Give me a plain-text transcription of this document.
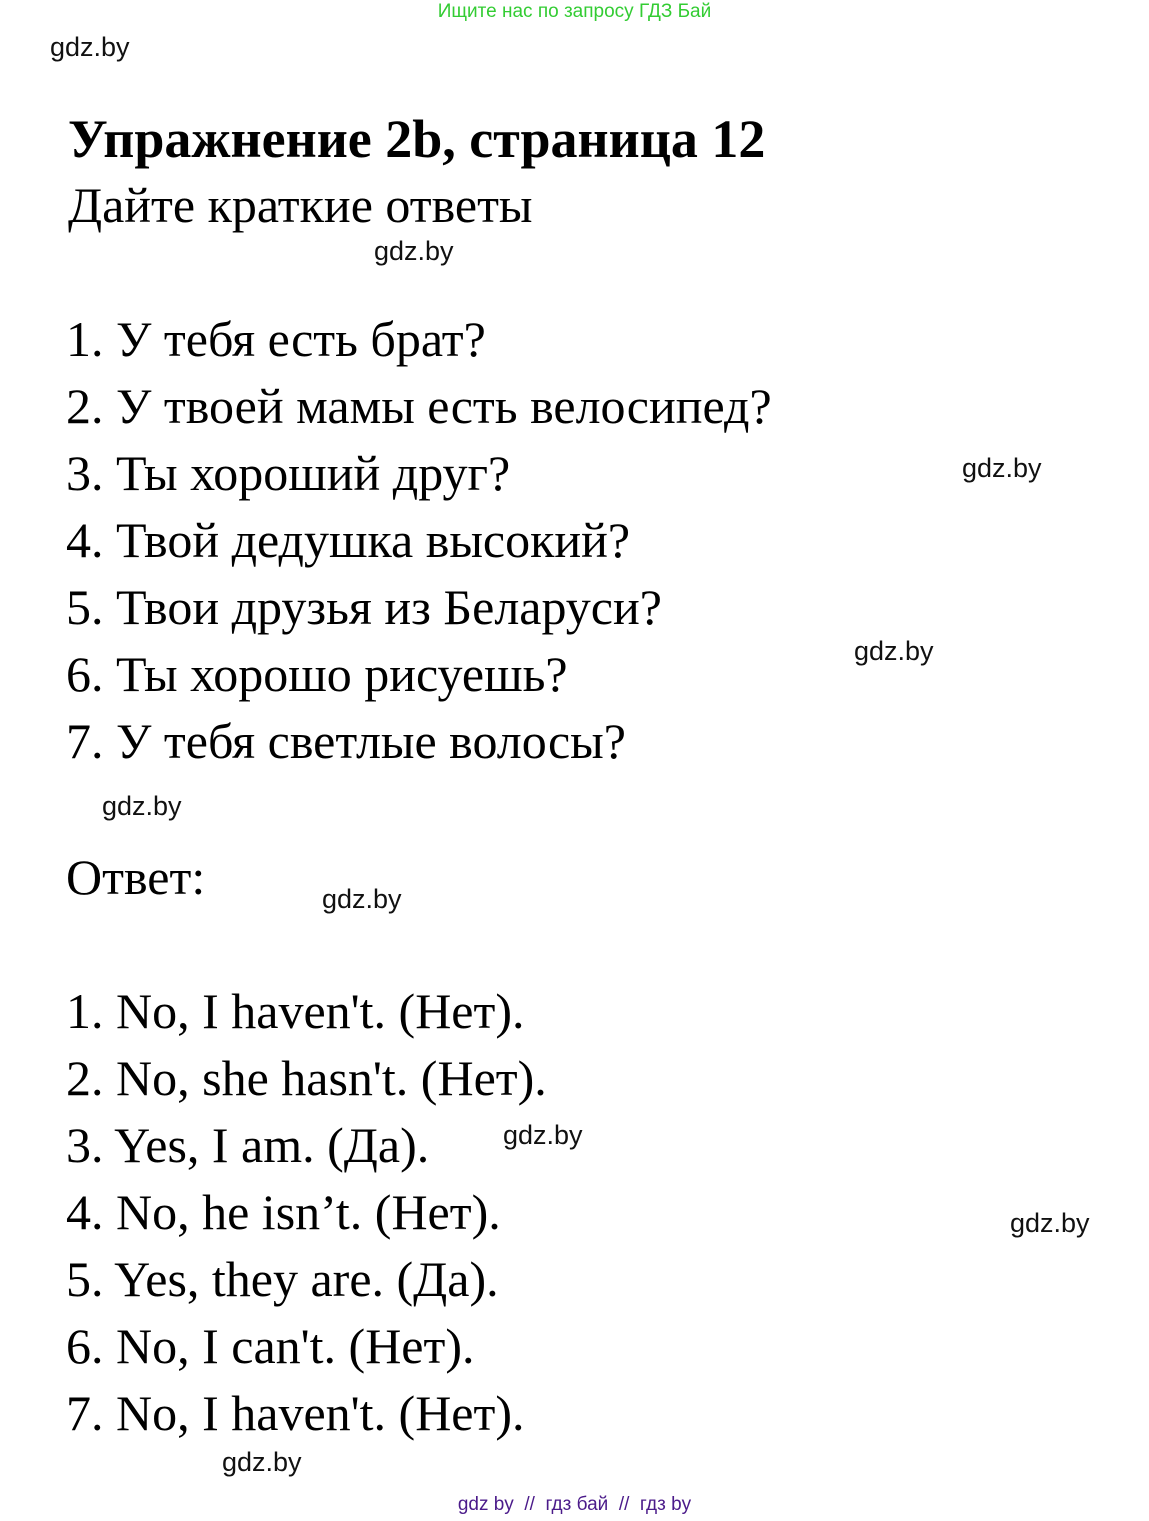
Ищите нас по запросу ГДЗ Бай
gdz.by
gdz.by
gdz.by
gdz.by
gdz.by
gdz.by
gdz.by
gdz.by
gdz.by
Упражнение 2b, страница 12
Дайте краткие ответы
1. У тебя есть брат?
2. У твоей мамы есть велосипед?
3. Ты хороший друг?
4. Твой дедушка высокий?
5. Твои друзья из Беларуси?
6. Ты хорошо рисуешь?
7. У тебя светлые волосы?
Ответ:
1. No, I haven't. (Нет).
2. No, she hasn't. (Нет).
3. Yes, I am. (Да).
4. No, he isn’t. (Нет).
5. Yes, they are. (Да).
6. No, I can't. (Нет).
7. No, I haven't. (Нет).
gdz by  //  гдз бай  //  гдз by
